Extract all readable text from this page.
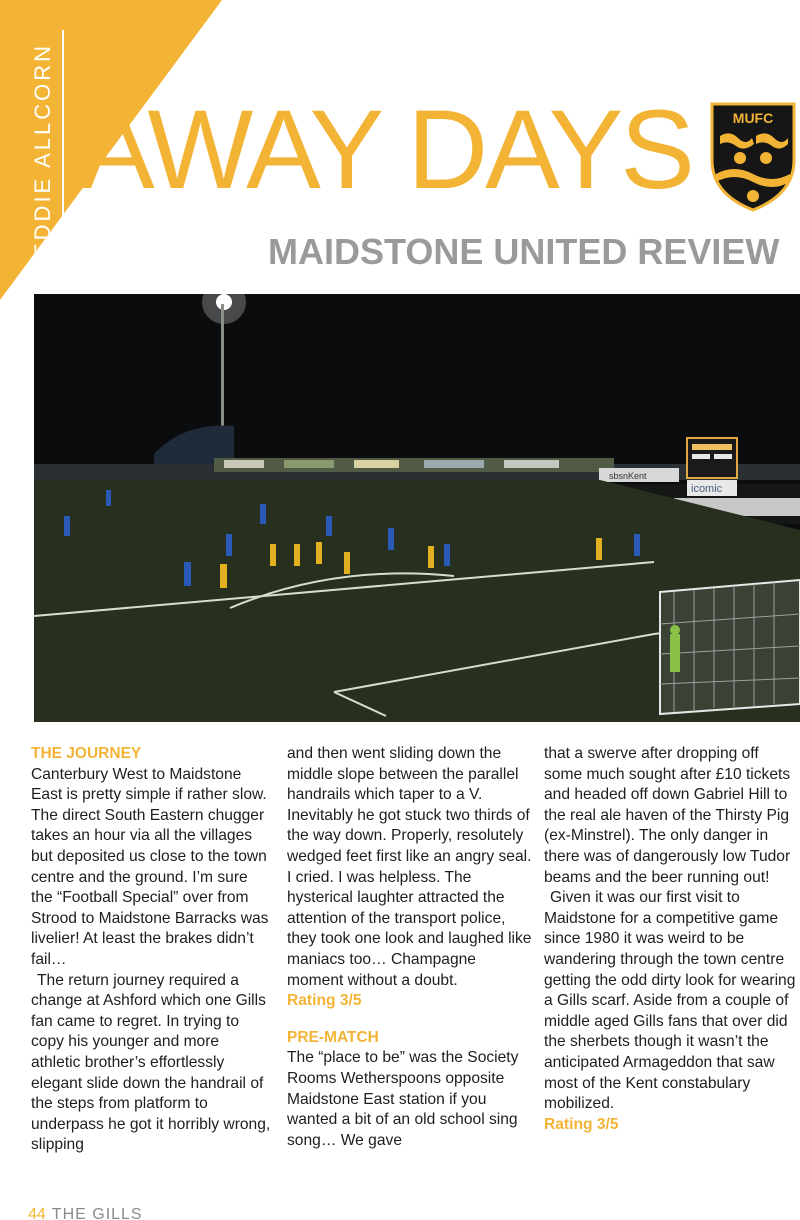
EDDIE ALLCORN AWAY DAYS	MUFC
MAIDSTONE UNITED REVIEW
sbsnKent
icomic

THE JOURNEY

Canterbury West to Maidstone East is pretty simple if rather slow. The direct South Eastern chugger takes an hour via all the villages but deposited us close to the town centre and the ground. I’m sure the “Football Special” over from Strood to Maidstone Barracks was livelier! At least the brakes didn’t fail…

The return journey required a change at Ashford which one Gills fan came to regret. In trying to copy his younger and more athletic brother’s effortlessly elegant slide down the handrail of the steps from platform to underpass he got it horribly wrong, slipping

and then went sliding down the middle slope between the parallel handrails which taper to a V. Inevitably he got stuck two thirds of the way down. Properly, resolutely wedged feet first like an angry seal. I cried. I was helpless. The hysterical laughter attracted the attention of the transport police, they took one look and laughed like maniacs too… Champagne moment without a doubt.

Rating 3/5

PRE-MATCH

The “place to be” was the Society Rooms Wetherspoons opposite Maidstone East station if you wanted a bit of an old school sing song… We gave

that a swerve after dropping off some much sought after £10 tickets and headed off down Gabriel Hill to the real ale haven of the Thirsty Pig (ex-Minstrel). The only danger in there was of dangerously low Tudor beams and the beer running out!

Given it was our first visit to Maidstone for a competitive game since 1980 it was weird to be wandering through the town centre getting the odd dirty look for wearing a Gills scarf. Aside from a couple of middle aged Gills fans that over did the sherbets though it wasn’t the anticipated Armageddon that saw most of the Kent constabulary mobilized.

Rating 3/5

44 THE GILLS
